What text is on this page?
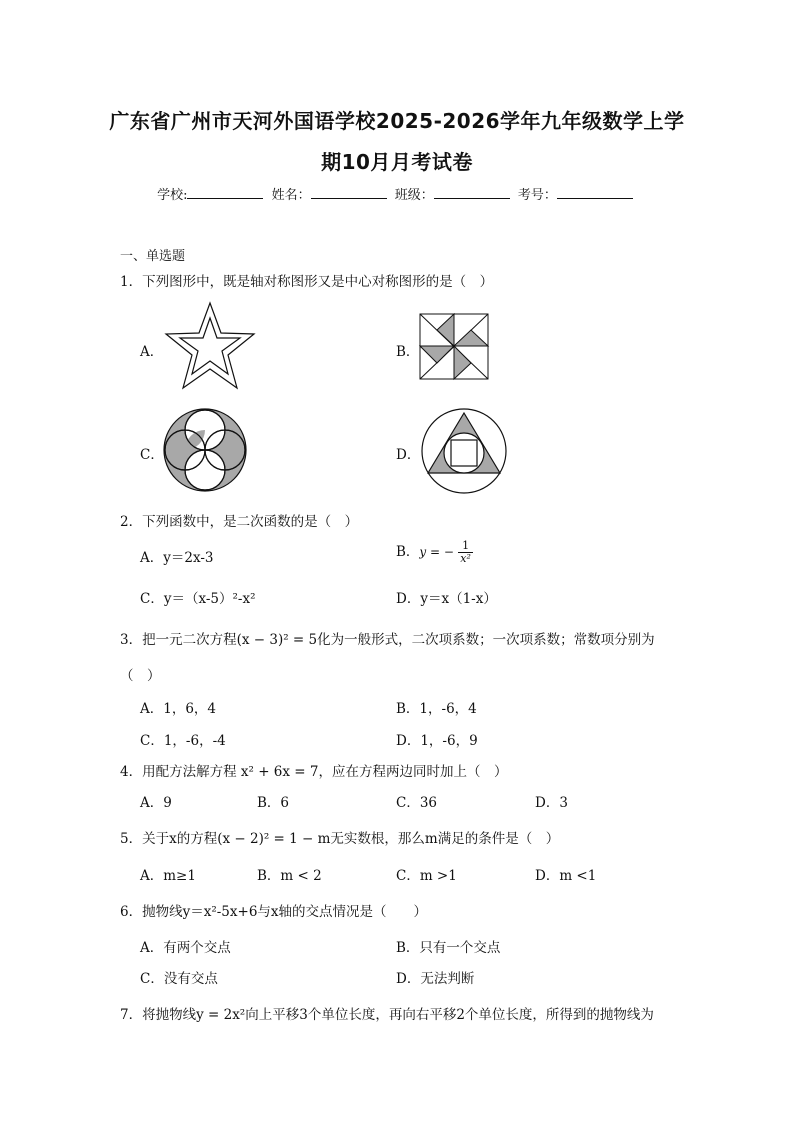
广东省广州市天河外国语学校2025-2026学年九年级数学上学
期10月月考试卷
学校:	姓名：	班级：	考号：
一、单选题
1．下列图形中，既是轴对称图形又是中心对称图形的是（　）
A．	B．
C．	D．
2．下列函数中，是二次函数的是（　）
A．y＝2x-3	B．y = − $\frac{1}{\text{x²}}$
C．y＝（x-5）²-x²	D．y＝x（1-x）
3．把一元二次方程(x − 3)² = 5化为一般形式，二次项系数；一次项系数；常数项分别为
（　）
A．1，6，4	B．1，-6，4
C．1，-6，-4	D．1，-6，9
4．用配方法解方程 x² + 6x = 7，应在方程两边同时加上（　）
A．9	B．6	C．36	D．3
5．关于x的方程(x − 2)² = 1 − m无实数根，那么m满足的条件是（　）
A．m≥1	B．m < 2	C．m >1	D．m <1
6．抛物线y＝x²-5x+6与x轴的交点情况是（　　）
A．有两个交点	B．只有一个交点
C．没有交点	D．无法判断
7．将抛物线y = 2x²向上平移3个单位长度，再向右平移2个单位长度，所得到的抛物线为
